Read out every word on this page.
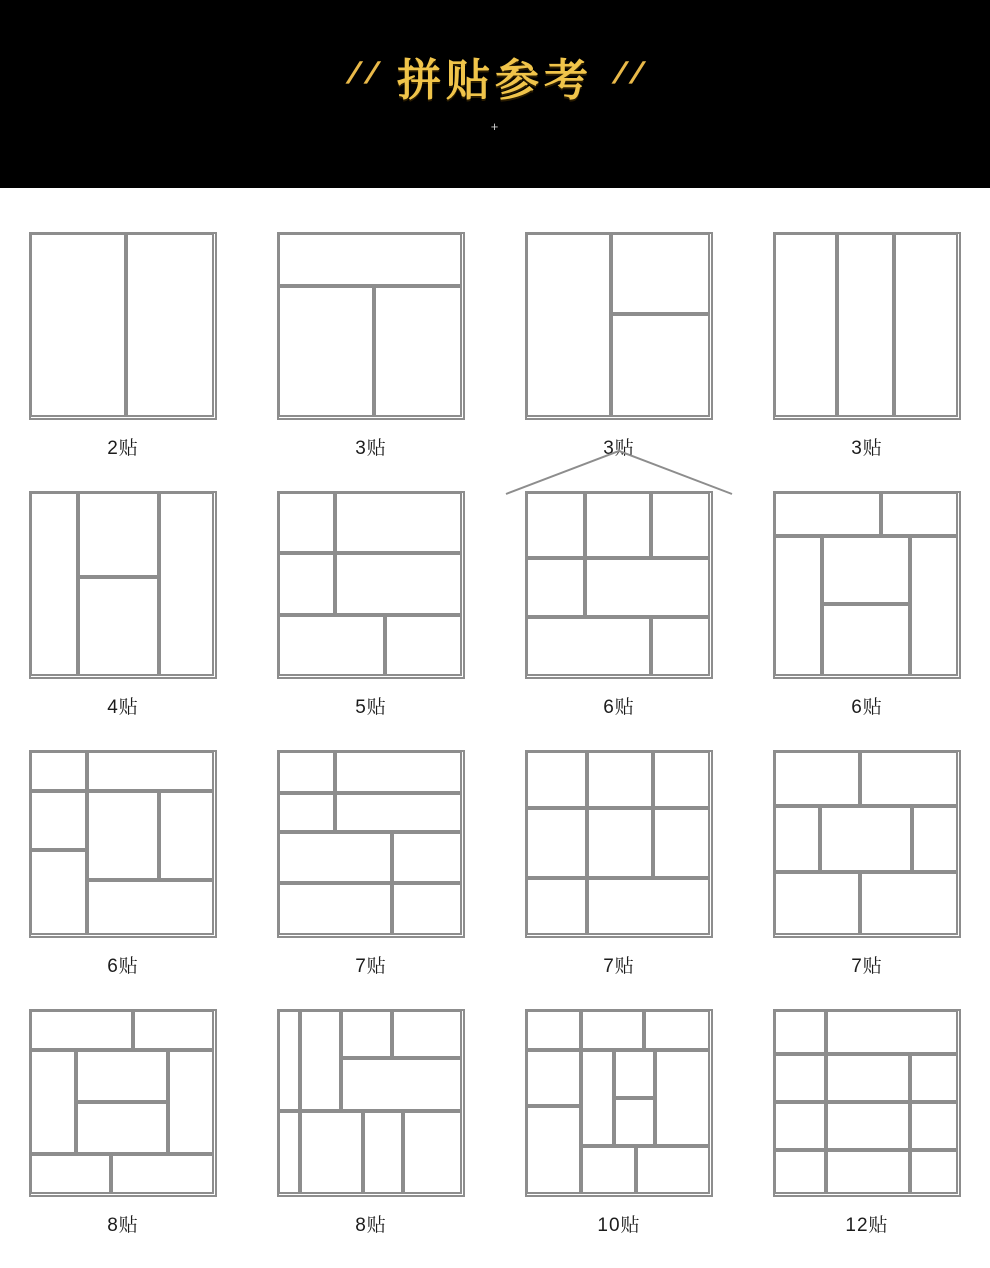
/ / 拼贴参考 / /
+
2贴	3贴	3贴	3贴
4贴	5贴	6贴	6贴
6贴	7贴	7贴	7贴
8贴	8贴	10贴	12贴
